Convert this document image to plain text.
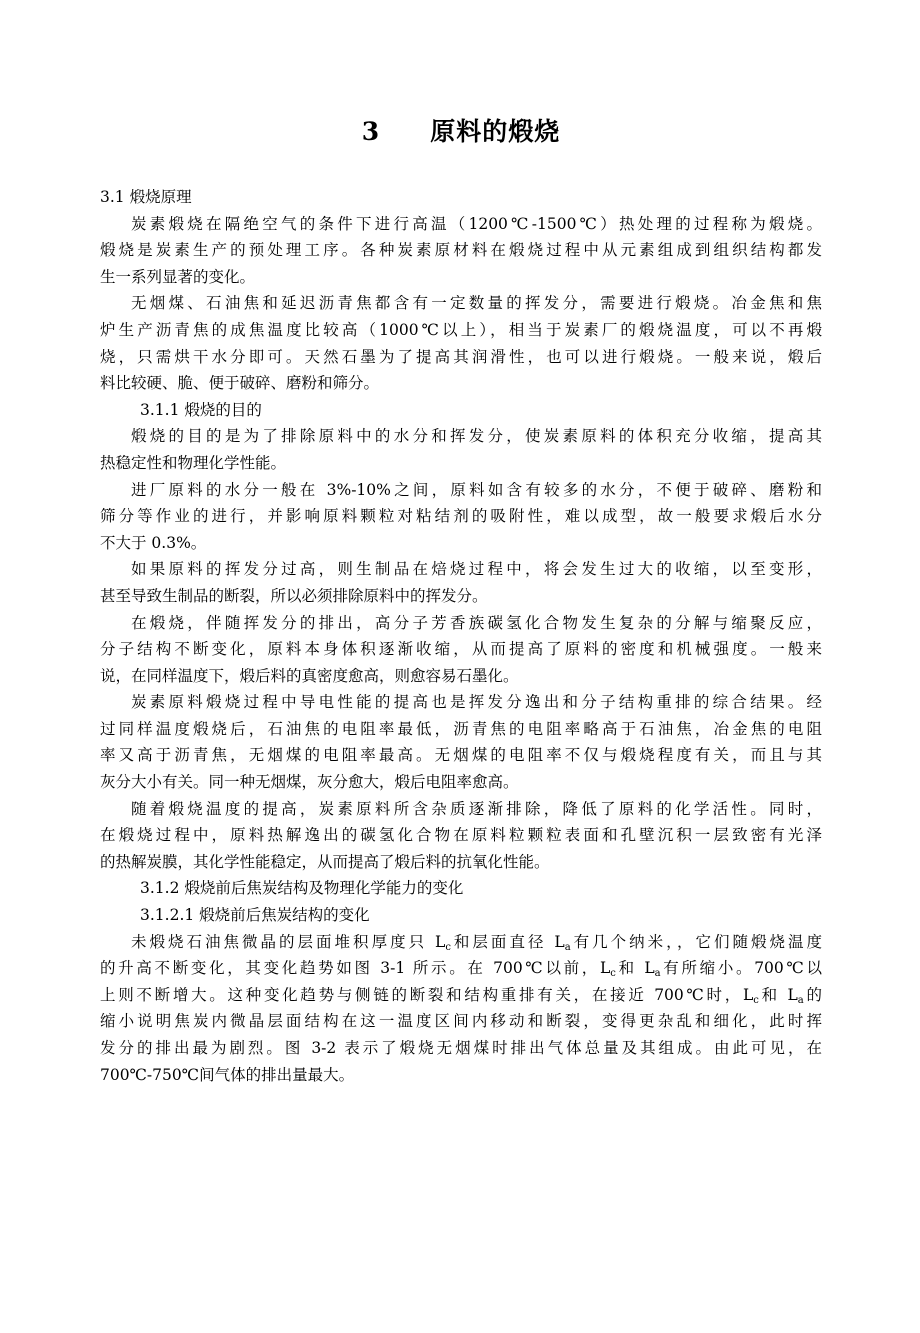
3 原料的煅烧
3.1 煅烧原理
炭素煅烧在隔绝空气的条件下进行高温（1200℃-1500℃）热处理的过程称为煅烧。
煅烧是炭素生产的预处理工序。各种炭素原材料在煅烧过程中从元素组成到组织结构都发
生一系列显著的变化。
无烟煤、石油焦和延迟沥青焦都含有一定数量的挥发分，需要进行煅烧。冶金焦和焦
炉生产沥青焦的成焦温度比较高（1000℃以上），相当于炭素厂的煅烧温度，可以不再煅
烧，只需烘干水分即可。天然石墨为了提高其润滑性，也可以进行煅烧。一般来说，煅后
料比较硬、脆、便于破碎、磨粉和筛分。
3.1.1 煅烧的目的
煅烧的目的是为了排除原料中的水分和挥发分，使炭素原料的体积充分收缩，提高其
热稳定性和物理化学性能。
进厂原料的水分一般在 3%-10%之间，原料如含有较多的水分，不便于破碎、磨粉和
筛分等作业的进行，并影响原料颗粒对粘结剂的吸附性，难以成型，故一般要求煅后水分
不大于 0.3%。
如果原料的挥发分过高，则生制品在焙烧过程中，将会发生过大的收缩，以至变形，
甚至导致生制品的断裂，所以必须排除原料中的挥发分。
在煅烧，伴随挥发分的排出，高分子芳香族碳氢化合物发生复杂的分解与缩聚反应，
分子结构不断变化，原料本身体积逐渐收缩，从而提高了原料的密度和机械强度。一般来
说，在同样温度下，煅后料的真密度愈高，则愈容易石墨化。
炭素原料煅烧过程中导电性能的提高也是挥发分逸出和分子结构重排的综合结果。经
过同样温度煅烧后，石油焦的电阻率最低，沥青焦的电阻率略高于石油焦，冶金焦的电阻
率又高于沥青焦，无烟煤的电阻率最高。无烟煤的电阻率不仅与煅烧程度有关，而且与其
灰分大小有关。同一种无烟煤，灰分愈大，煅后电阻率愈高。
随着煅烧温度的提高，炭素原料所含杂质逐渐排除，降低了原料的化学活性。同时，
在煅烧过程中，原料热解逸出的碳氢化合物在原料粒颗粒表面和孔壁沉积一层致密有光泽
的热解炭膜，其化学性能稳定，从而提高了煅后料的抗氧化性能。
3.1.2 煅烧前后焦炭结构及物理化学能力的变化
3.1.2.1 煅烧前后焦炭结构的变化
未煅烧石油焦微晶的层面堆积厚度只 $L_c$和层面直径 $L_a$有几个纳米，，它们随煅烧温度
的升高不断变化，其变化趋势如图 3-1 所示。在 700℃以前，$L_c$和 $L_a$有所缩小。700℃以
上则不断增大。这种变化趋势与侧链的断裂和结构重排有关，在接近 700℃时，$L_c$和 $L_a$的
缩小说明焦炭内微晶层面结构在这一温度区间内移动和断裂，变得更杂乱和细化，此时挥
发分的排出最为剧烈。图 3-2 表示了煅烧无烟煤时排出气体总量及其组成。由此可见，在
700℃-750℃间气体的排出量最大。
